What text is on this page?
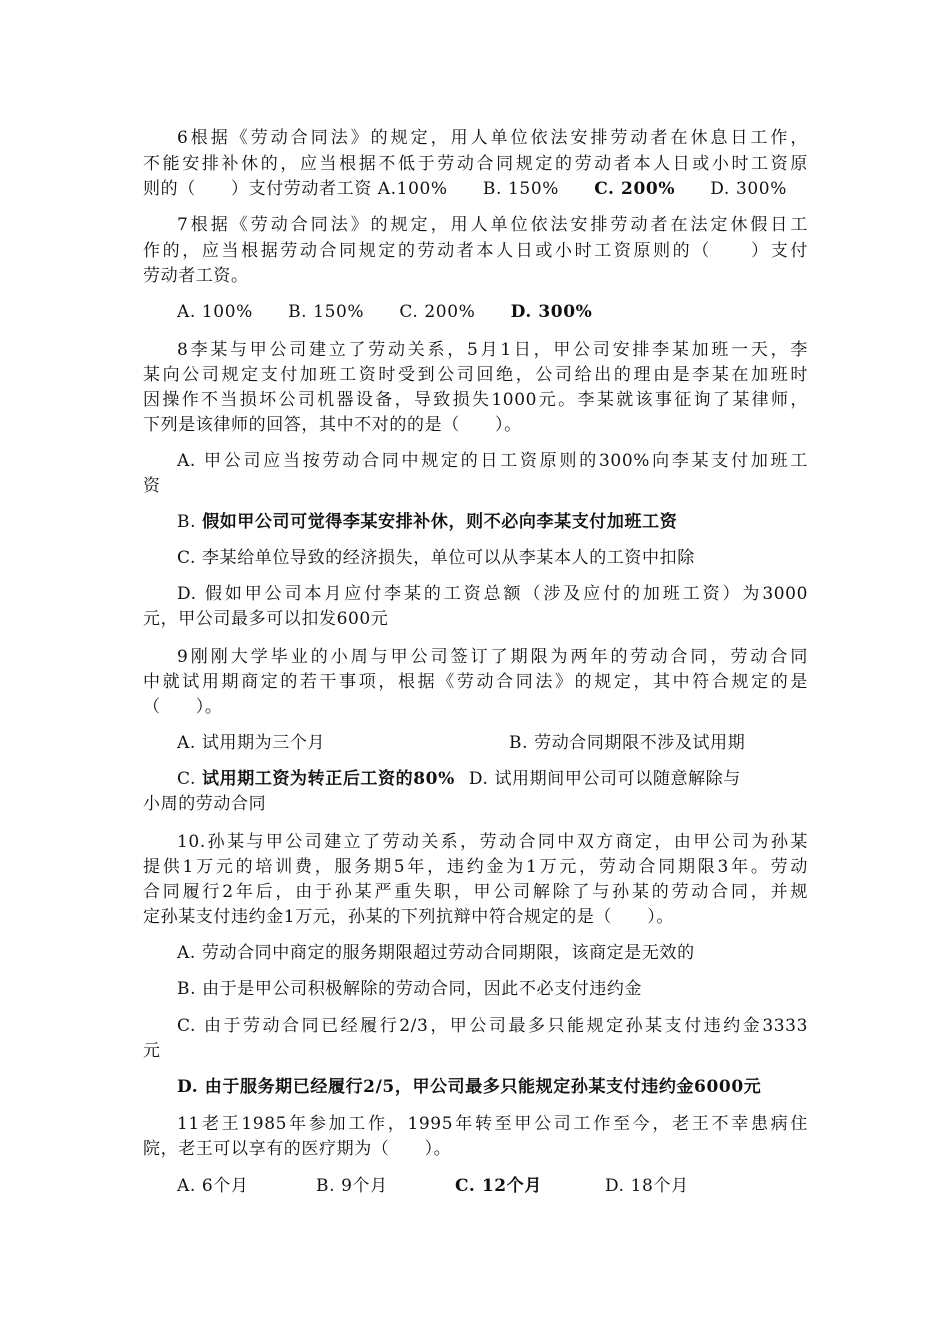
6根据《劳动合同法》的规定，用人单位依法安排劳动者在休息日工作，
不能安排补休的，应当根据不低于劳动合同规定的劳动者本人日或小时工资原
则的（　　）支付劳动者工资 A.100%　　B. 150%　　C. 200%　　D. 300%
7根据《劳动合同法》的规定，用人单位依法安排劳动者在法定休假日工
作的，应当根据劳动合同规定的劳动者本人日或小时工资原则的（　　）支付
劳动者工资。
A. 100%　　B. 150%　　C. 200%　　D. 300%
8李某与甲公司建立了劳动关系，5月1日，甲公司安排李某加班一天，李
某向公司规定支付加班工资时受到公司回绝，公司给出的理由是李某在加班时
因操作不当损坏公司机器设备，导致损失1000元。李某就该事征询了某律师，
下列是该律师的回答，其中不对的的是（　　）。
A. 甲公司应当按劳动合同中规定的日工资原则的300%向李某支付加班工
资
B. 假如甲公司可觉得李某安排补休，则不必向李某支付加班工资
C. 李某给单位导致的经济损失，单位可以从李某本人的工资中扣除
D. 假如甲公司本月应付李某的工资总额（涉及应付的加班工资）为3000
元，甲公司最多可以扣发600元
9刚刚大学毕业的小周与甲公司签订了期限为两年的劳动合同，劳动合同
中就试用期商定的若干事项，根据《劳动合同法》的规定，其中符合规定的是
（　　）。
A. 试用期为三个月	B. 劳动合同期限不涉及试用期
C. 试用期工资为转正后工资的80% D. 试用期间甲公司可以随意解除与
小周的劳动合同
10.孙某与甲公司建立了劳动关系，劳动合同中双方商定，由甲公司为孙某
提供1万元的培训费，服务期5年，违约金为1万元，劳动合同期限3年。劳动
合同履行2年后，由于孙某严重失职，甲公司解除了与孙某的劳动合同，并规
定孙某支付违约金1万元，孙某的下列抗辩中符合规定的是（　　）。
A. 劳动合同中商定的服务期限超过劳动合同期限，该商定是无效的
B. 由于是甲公司积极解除的劳动合同，因此不必支付违约金
C. 由于劳动合同已经履行2/3，甲公司最多只能规定孙某支付违约金3333
元
D. 由于服务期已经履行2/5，甲公司最多只能规定孙某支付违约金6000元
11老王1985年参加工作，1995年转至甲公司工作至今，老王不幸患病住
院，老王可以享有的医疗期为（　　）。
A. 6个月	B. 9个月	C. 12个月	D. 18个月
